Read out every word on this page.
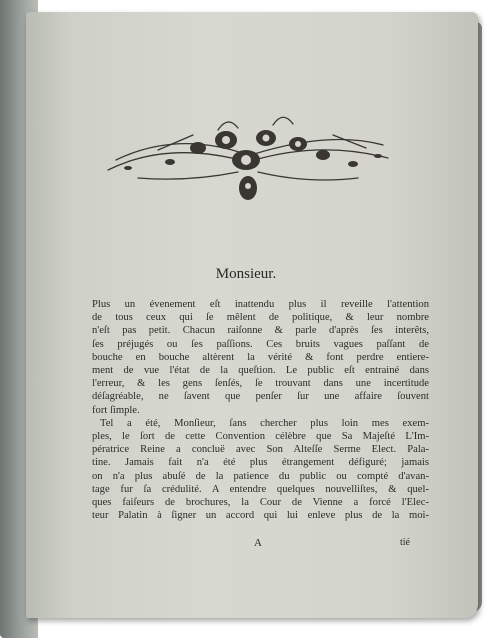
Monsieur.
Plus un évenement eſt inattendu plus il reveille l'attention
de tous ceux qui ſe mêlent de politique, & leur nombre
n'eſt pas petit. Chacun raiſonne & parle d'après ſes interêts,
ſes préjugés ou ſes paſſions. Ces bruits vagues paſſant de
bouche en bouche altèrent la vérité & font perdre entiere-
ment de vue l'état de la queſtion. Le public eſt entrainé dans
l'erreur, & les gens ſenſés, ſe trouvant dans une incertitude
déſagréable, ne ſavent que penſer ſur une affaire ſouvent
fort ſimple.
Tel a été, Monſieur, ſans chercher plus loin mes exem-
ples, le ſort de cette Convention célèbre que Sa Majeſté L'Im-
pératrice Reine a concluë avec Son Alteſſe Serme Elect. Pala-
tine. Jamais fait n'a été plus étrangement défiguré; jamais
on n'a plus abuſé de la patience du public ou compté d'avan-
tage fur ſa crédulité. A entendre quelques nouvelliſtes, & quel-
ques faiſeurs de brochures, la Cour de Vienne a forcé l'Elec-
teur Palatin à ſigner un accord qui lui enleve plus de la moi-
A	tié
